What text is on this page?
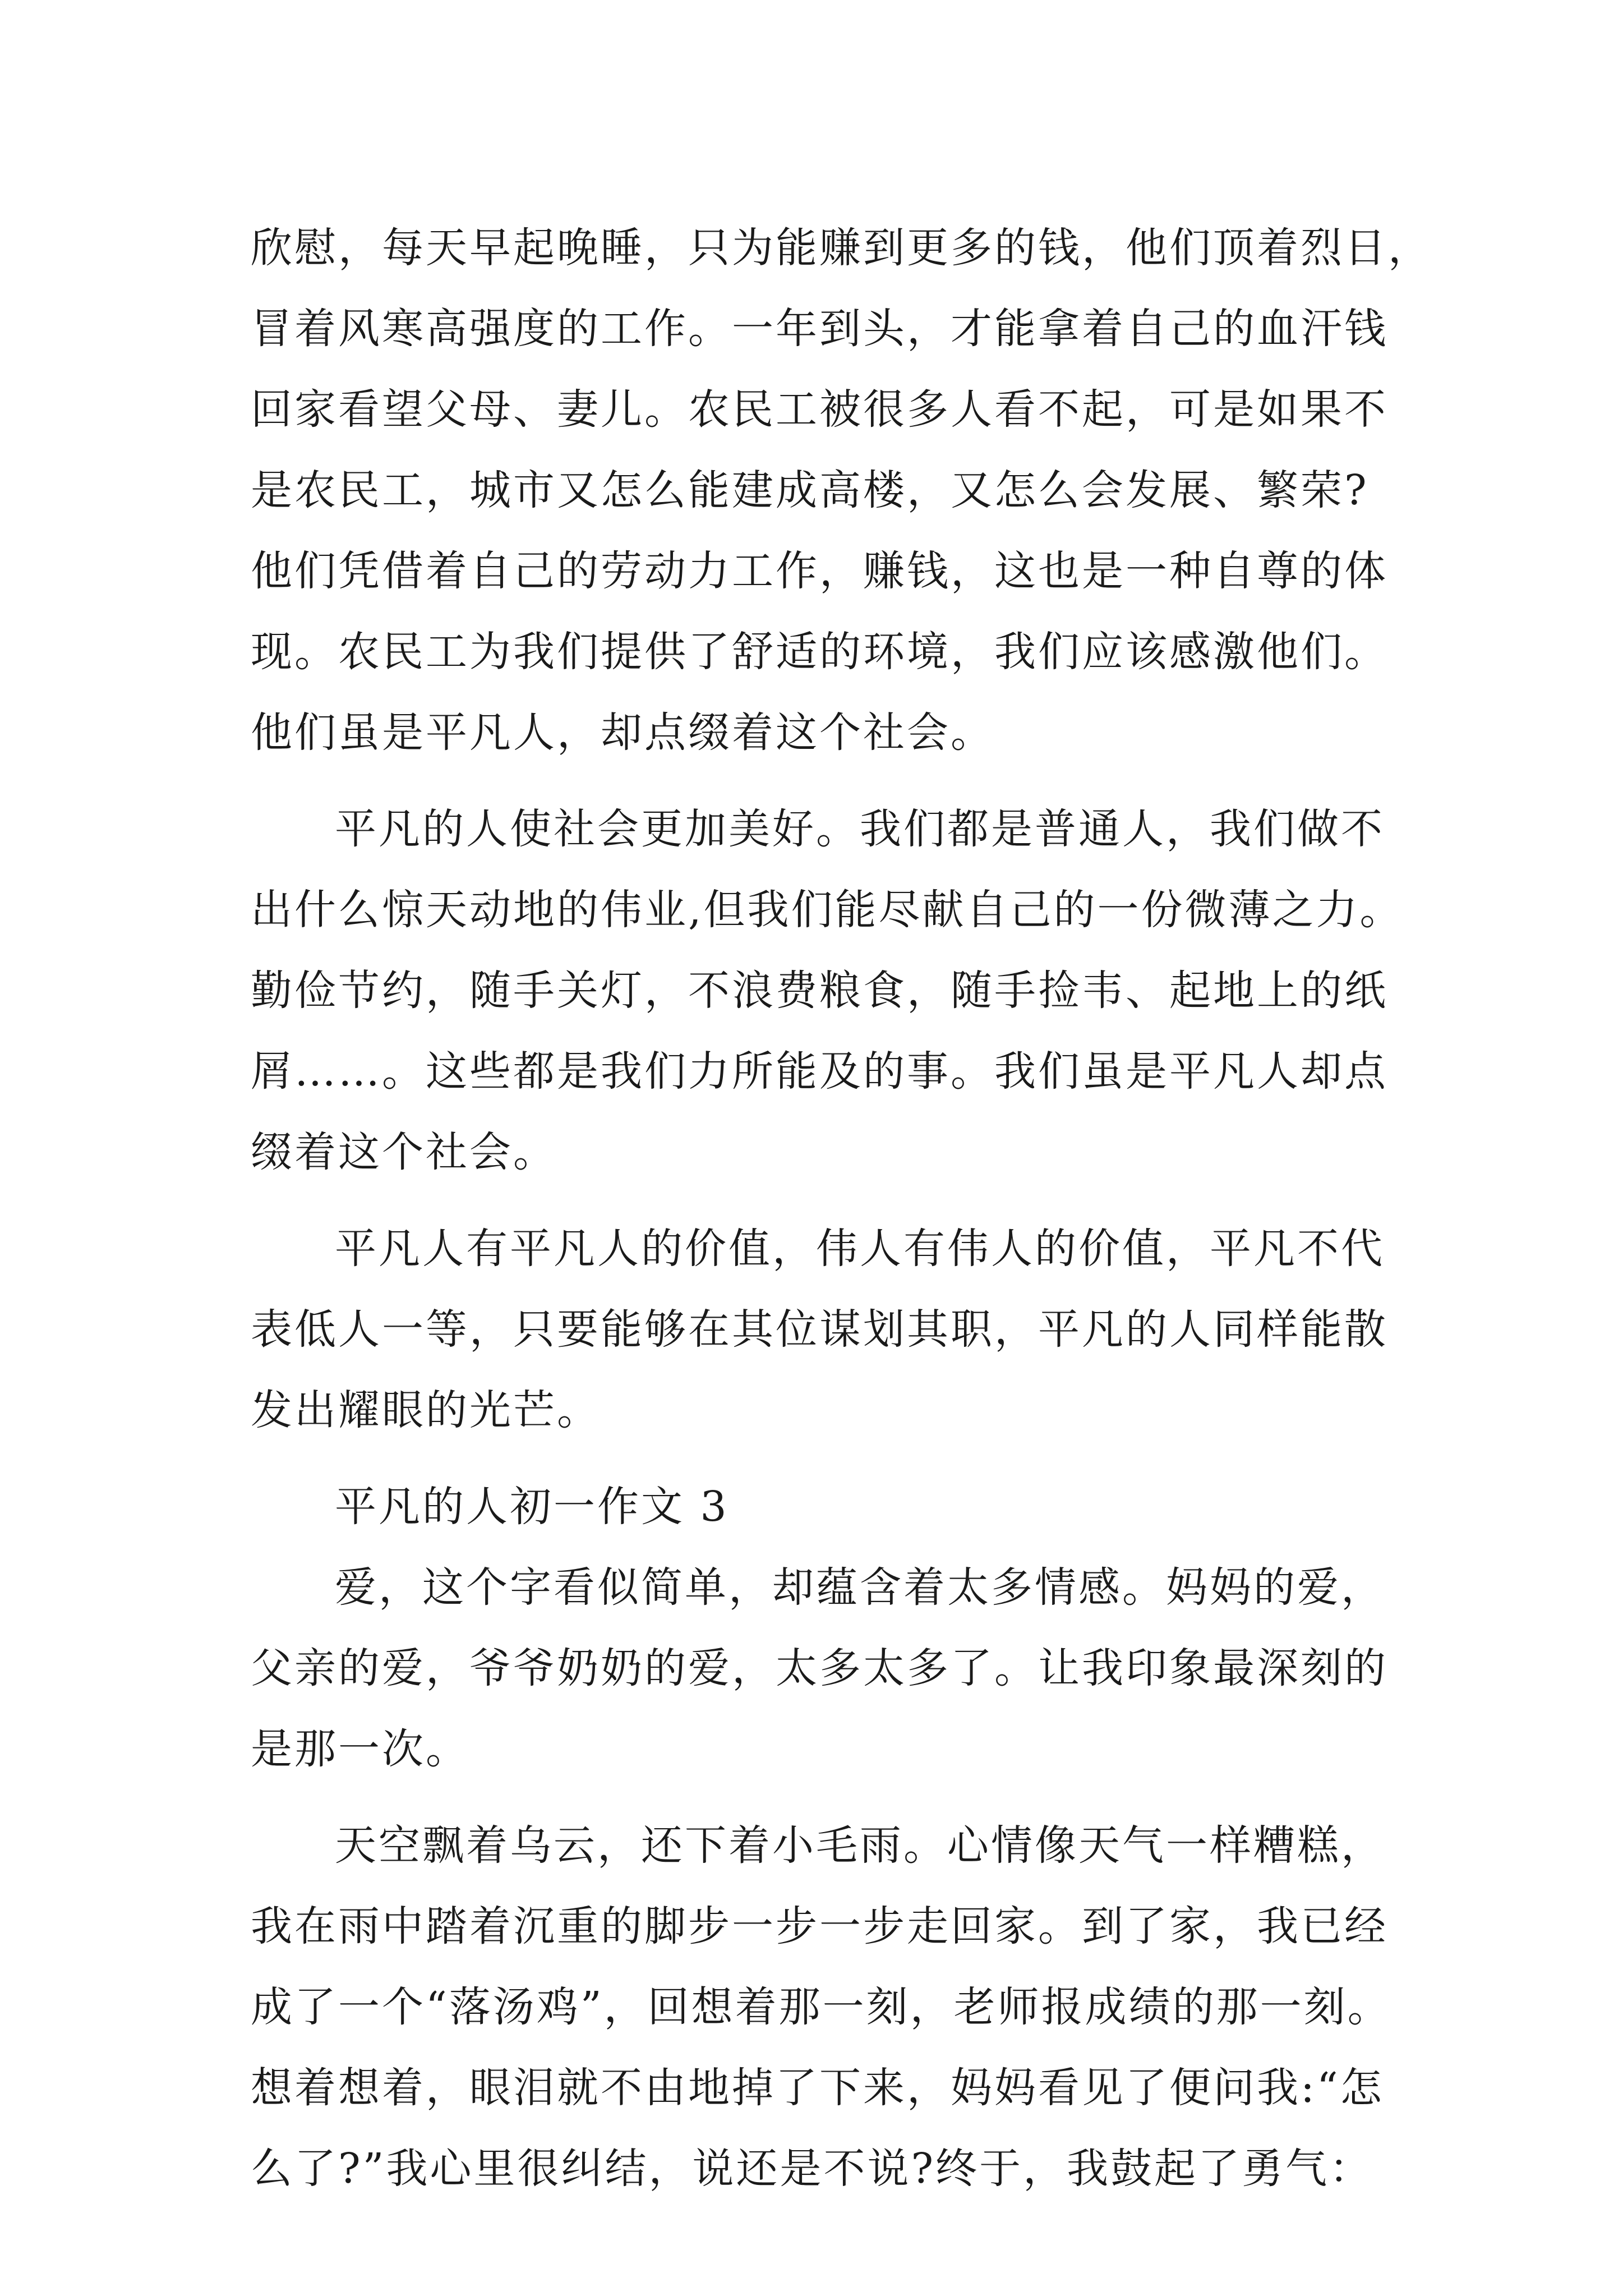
欣慰，每天早起晚睡，只为能赚到更多的钱，他们顶着烈日，
冒着风寒高强度的工作。一年到头，才能拿着自己的血汗钱
回家看望父母、妻儿。农民工被很多人看不起，可是如果不
是农民工，城市又怎么能建成高楼，又怎么会发展、繁荣?
他们凭借着自己的劳动力工作，赚钱，这也是一种自尊的体
现。农民工为我们提供了舒适的环境，我们应该感激他们。
他们虽是平凡人，却点缀着这个社会。
平凡的人使社会更加美好。我们都是普通人，我们做不
出什么惊天动地的伟业,但我们能尽献自己的一份微薄之力。
勤俭节约，随手关灯，不浪费粮食，随手捡韦、起地上的纸
屑……。这些都是我们力所能及的事。我们虽是平凡人却点
缀着这个社会。
平凡人有平凡人的价值，伟人有伟人的价值，平凡不代
表低人一等，只要能够在其位谋划其职，平凡的人同样能散
发出耀眼的光芒。
平凡的人初一作文 3
爱，这个字看似简单，却蕴含着太多情感。妈妈的爱，
父亲的爱，爷爷奶奶的爱，太多太多了。让我印象最深刻的
是那一次。
天空飘着乌云，还下着小毛雨。心情像天气一样糟糕，
我在雨中踏着沉重的脚步一步一步走回家。到了家，我已经
成了一个“落汤鸡”，回想着那一刻，老师报成绩的那一刻。
想着想着，眼泪就不由地掉了下来，妈妈看见了便问我:“怎
么了?”我心里很纠结，说还是不说?终于，我鼓起了勇气：
